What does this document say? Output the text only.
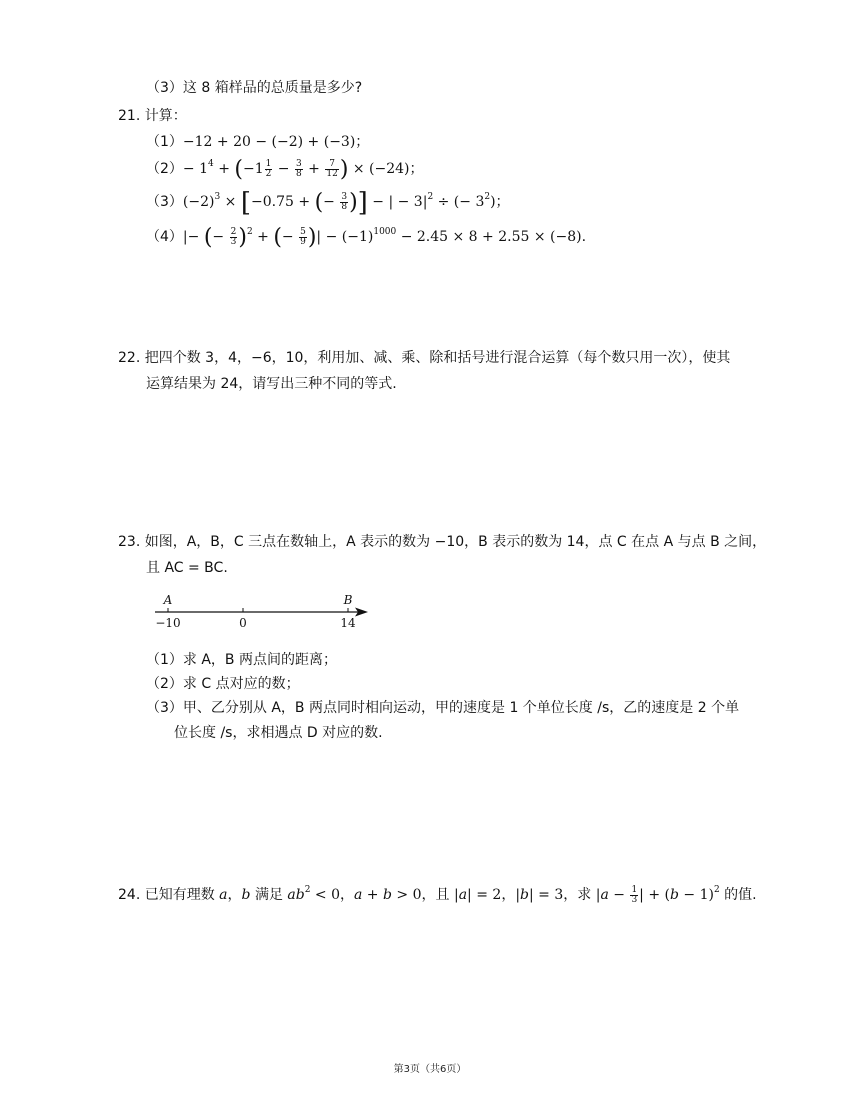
（3）这 8 箱样品的总质量是多少?
21. 计算：
（1）−12 + 20 − (−2) + (−3)；
$(2)- 1^4 + (-1 \frac{1}{2} - \frac{3}{8} + \frac{7}{12}$ ) × (−24)；
$(3)(-2)^3 \times [-0.75$ + (− $\frac{3}{8}$ )] − | − $3|^2$ ÷ (− $3^2$)；
（4）|− (− $\frac{2}{3} )^2$ + (− $\frac{5}{9}$ )| − $(-1)^{1000} - 2.45 \times 8 + 2.55 \times (-8)$.
22. 把四个数 3，4，−6，10，利用加、减、乘、除和括号进行混合运算（每个数只用一次），使其
运算结果为 24，请写出三种不同的等式.
23. 如图，A，B，C 三点在数轴上，A 表示的数为 −10，B 表示的数为 14，点 C 在点 A 与点 B 之间，
且 AC = BC.
−10
A
0	14
B
（1）求 A，B 两点间的距离；
（2）求 C 点对应的数；
（3）甲、乙分别从 A，B 两点同时相向运动，甲的速度是 1 个单位长度 /s，乙的速度是 2 个单
位长度 /s，求相遇点 D 对应的数.
24. 已知有理数 a，b 满足 $ab^2 < 0$，a + b > 0，且 |a| = 2，|b| = 3，求 $|a - \frac{1}{3}$ | + $(b - 1)^2$ 的值.
第3页（共6页）
